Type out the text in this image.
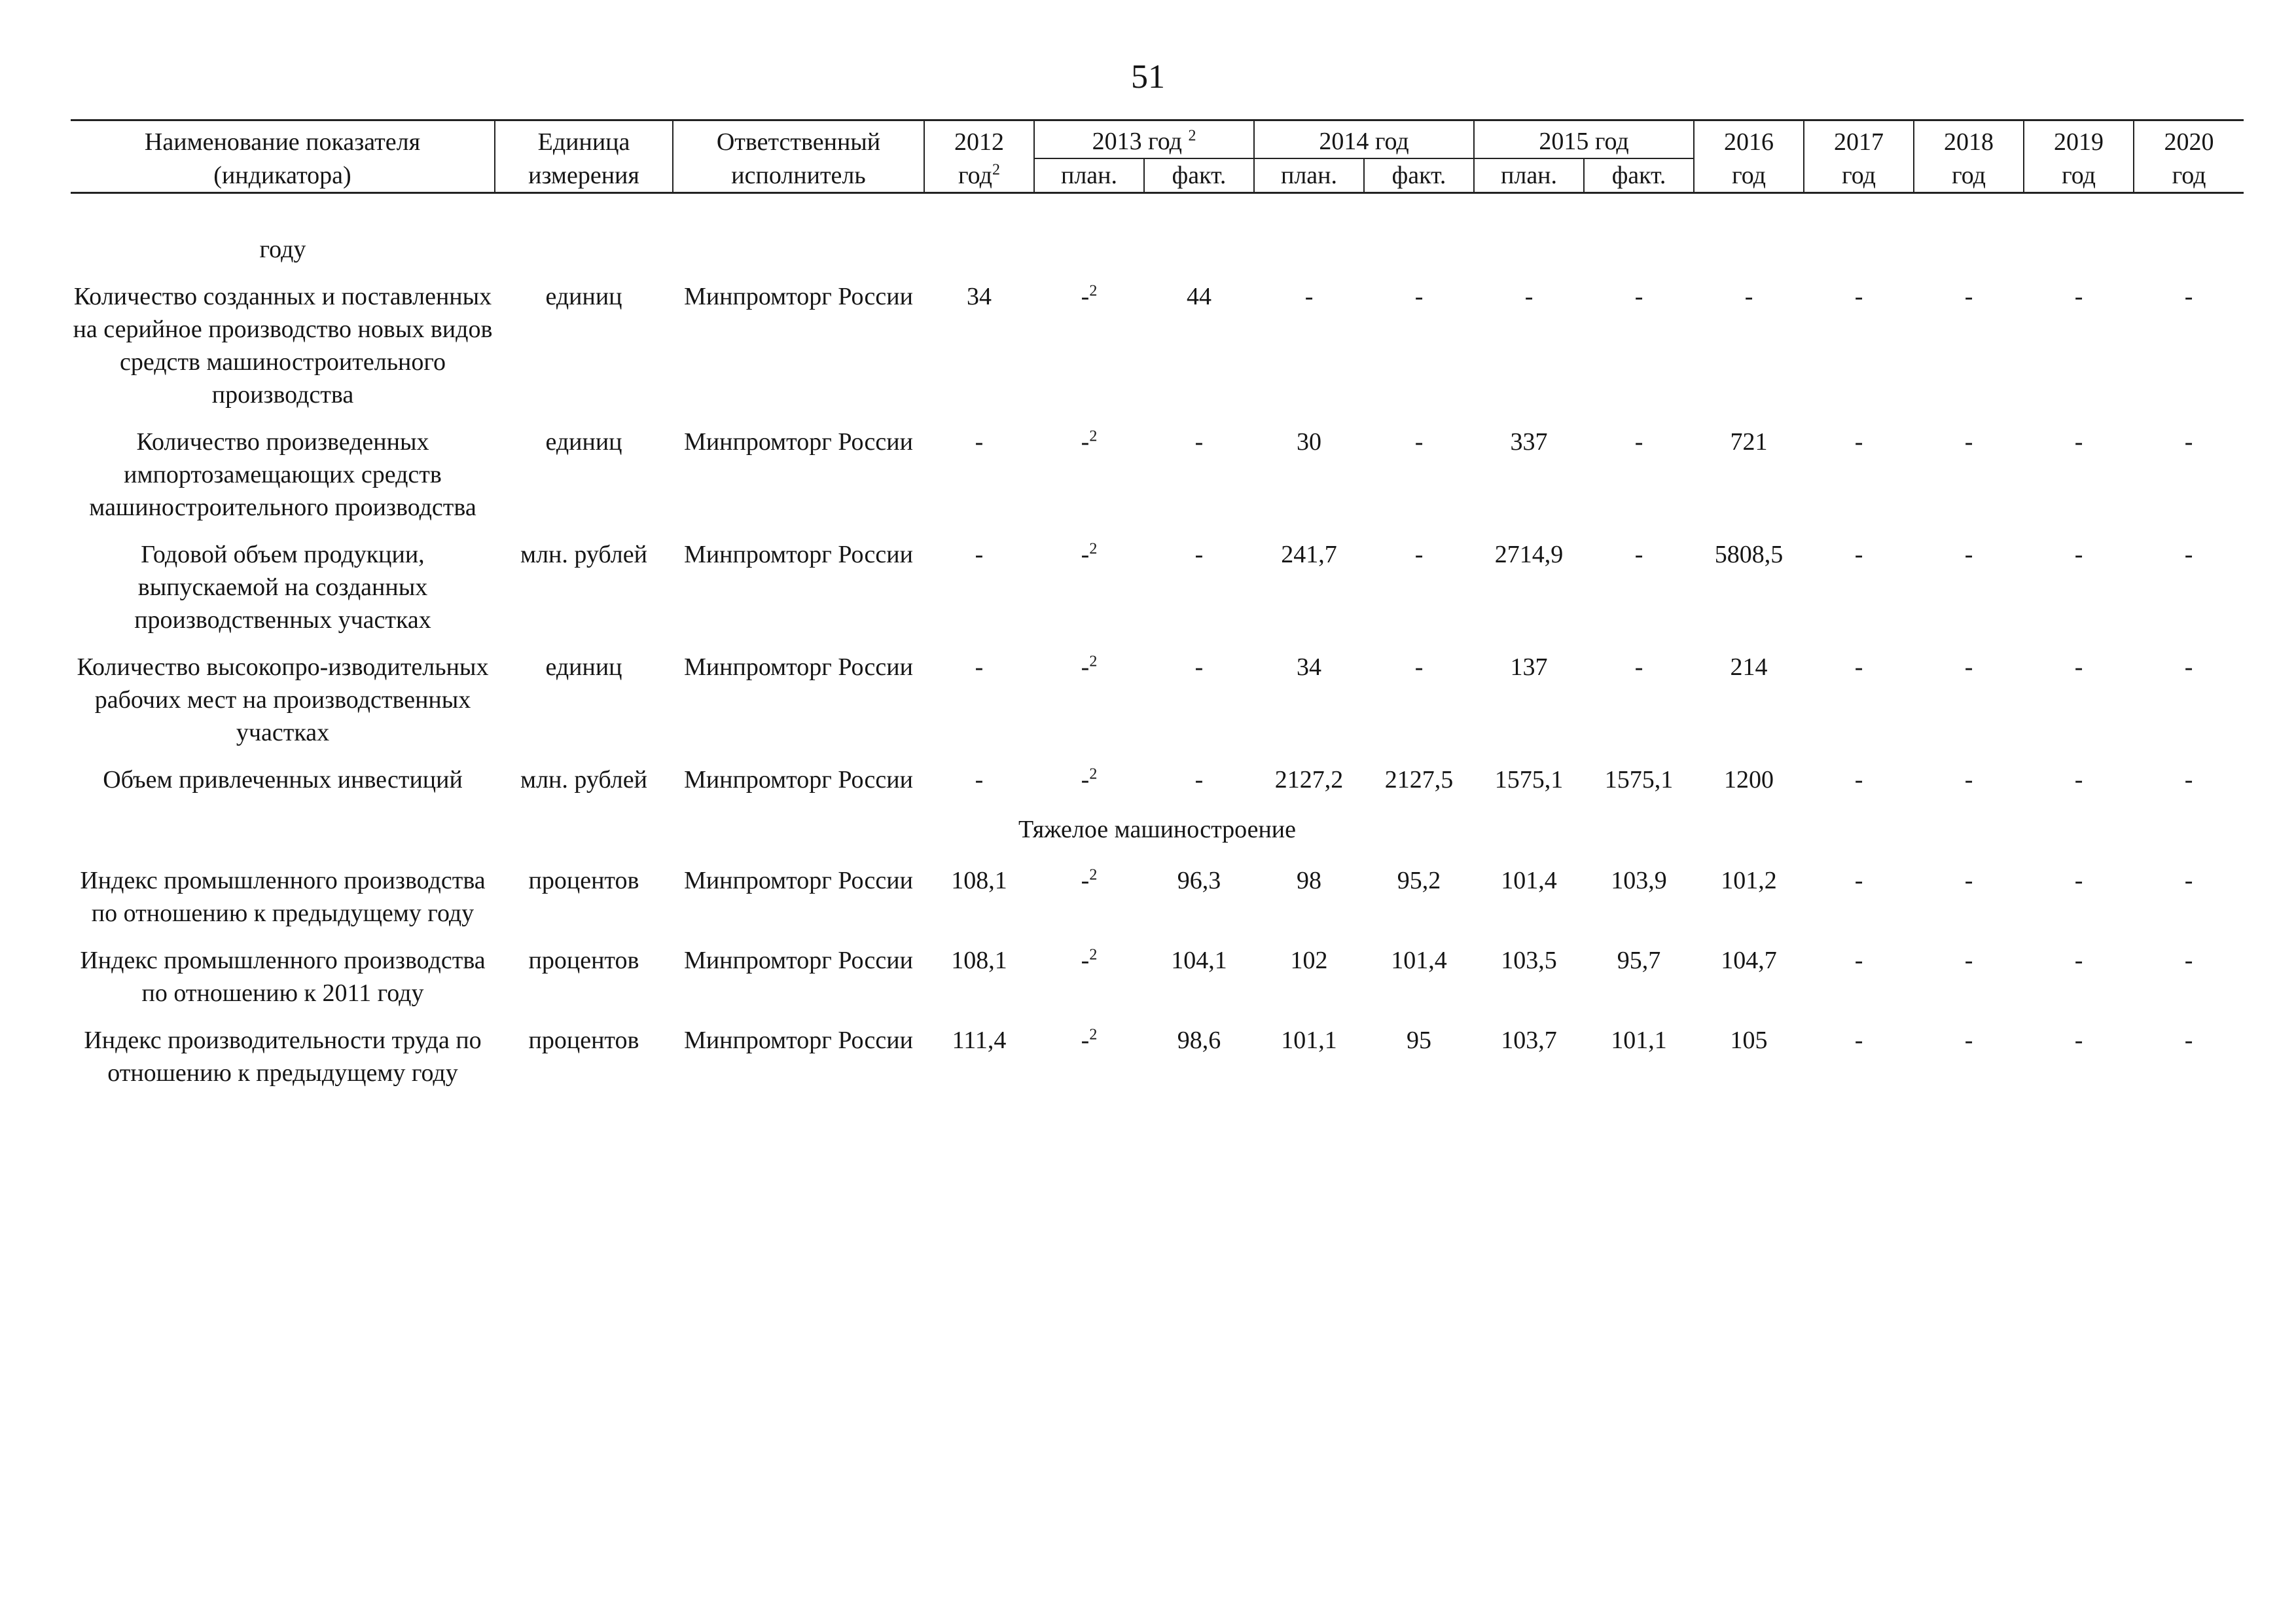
51
Наименование показателя	Единица	Ответственный	2012	2013 год $^2$		2014 год		2015 год		2016	2017	2018	2019	2020
(индикатора)	измерения	исполнитель	год$^2$	план.	факт.	план.	факт.	план.	факт.	год	год	год	год	год

году														
Количество созданных и поставленных на серийное производство новых видов средств машиностроительного производства	единиц	Минпромторг России	34	-$^2$	44	-	-	-	-	-	-	-	-	-
Количество произведенных импортозамещающих средств машиностроительного производства	единиц	Минпромторг России	-	-$^2$	-	30	-	337	-	721	-	-	-	-
Годовой объем продукции, выпускаемой на созданных производственных участках	млн. рублей	Минпромторг России	-	-$^2$	-	241,7	-	2714,9	-	5808,5	-	-	-	-
Количество высокопро-изводительных рабочих мест на производственных участках	единиц	Минпромторг России	-	-$^2$	-	34	-	137	-	214	-	-	-	-
Объем привлеченных инвестиций	млн. рублей	Минпромторг России	-	-$^2$	-	2127,2	2127,5	1575,1	1575,1	1200	-	-	-	-
Тяжелое машиностроение														
Индекс промышленного производства по отношению к предыдущему году	процентов	Минпромторг России	108,1	-$^2$	96,3	98	95,2	101,4	103,9	101,2	-	-	-	-
Индекс промышленного производства по отношению к 2011 году	процентов	Минпромторг России	108,1	-$^2$	104,1	102	101,4	103,5	95,7	104,7	-	-	-	-
Индекс производительности труда по отношению к предыдущему году	процентов	Минпромторг России	111,4	-$^2$	98,6	101,1	95	103,7	101,1	105	-	-	-	-
